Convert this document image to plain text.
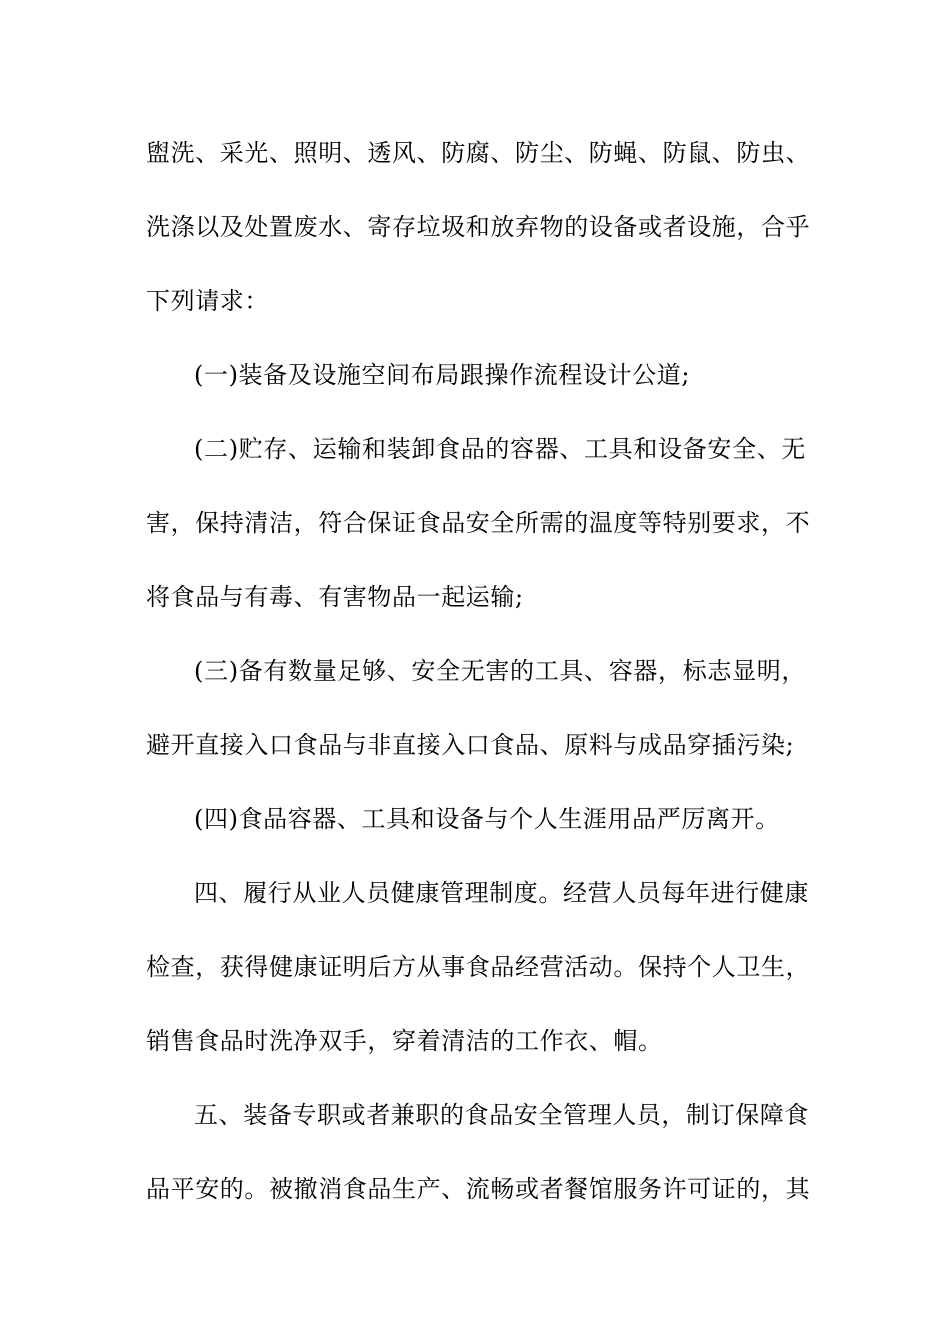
盥洗、采光、照明、透风、防腐、防尘、防蝇、防鼠、防虫、
洗涤以及处置废水、寄存垃圾和放弃物的设备或者设施，合乎
下列请求：
(一)装备及设施空间布局跟操作流程设计公道;
(二)贮存、运输和装卸食品的容器、工具和设备安全、无
害，保持清洁，符合保证食品安全所需的温度等特别要求，不
将食品与有毒、有害物品一起运输;
(三)备有数量足够、安全无害的工具、容器，标志显明，
避开直接入口食品与非直接入口食品、原料与成品穿插污染;
(四)食品容器、工具和设备与个人生涯用品严厉离开。
四、履行从业人员健康管理制度。经营人员每年进行健康
检查，获得健康证明后方从事食品经营活动。保持个人卫生，
销售食品时洗净双手，穿着清洁的工作衣、帽。
五、装备专职或者兼职的食品安全管理人员，制订保障食
品平安的。被撤消食品生产、流畅或者餐馆服务许可证的，其
